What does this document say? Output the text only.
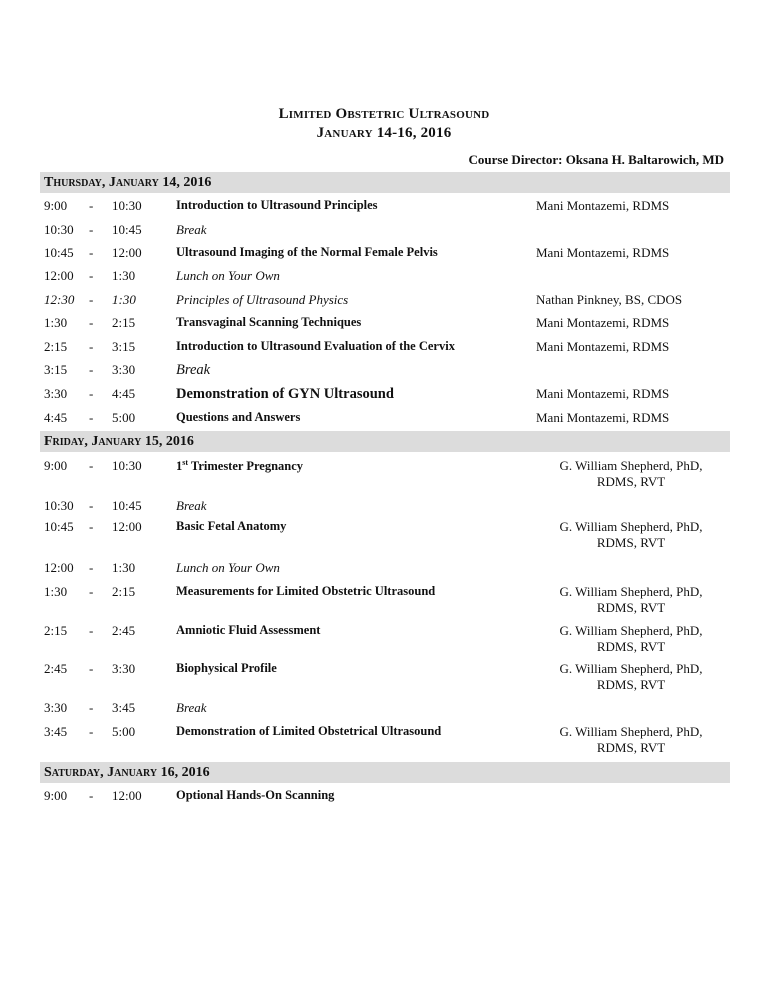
Limited Obstetric Ultrasound
January 14-16, 2016
Course Director: Oksana H. Baltarowich, MD
Thursday, January 14, 2016
9:00 - 10:30	Introduction to Ultrasound Principles	Mani Montazemi, RDMS
10:30 - 10:45	Break
10:45 - 12:00	Ultrasound Imaging of the Normal Female Pelvis	Mani Montazemi, RDMS
12:00 - 1:30	Lunch on Your Own
12:30 - 1:30	Principles of Ultrasound Physics	Nathan Pinkney, BS, CDOS
1:30 - 2:15	Transvaginal Scanning Techniques	Mani Montazemi, RDMS
2:15 - 3:15	Introduction to Ultrasound Evaluation of the Cervix	Mani Montazemi, RDMS
3:15 - 3:30	Break
3:30 - 4:45	Demonstration of GYN Ultrasound	Mani Montazemi, RDMS
4:45 - 5:00	Questions and Answers	Mani Montazemi, RDMS
Friday, January 15, 2016
9:00 - 10:30	1st Trimester Pregnancy	G. William Shepherd, PhD,
RDMS, RVT
10:30 - 10:45	Break
10:45 - 12:00	Basic Fetal Anatomy	G. William Shepherd, PhD,
RDMS, RVT
12:00 - 1:30	Lunch on Your Own
1:30 - 2:15	Measurements for Limited Obstetric Ultrasound	G. William Shepherd, PhD,
RDMS, RVT
2:15 - 2:45	Amniotic Fluid Assessment	G. William Shepherd, PhD,
RDMS, RVT
2:45 - 3:30	Biophysical Profile	G. William Shepherd, PhD,
RDMS, RVT
3:30 - 3:45	Break
3:45 - 5:00	Demonstration of Limited Obstetrical Ultrasound	G. William Shepherd, PhD,
RDMS, RVT
Saturday, January 16, 2016
9:00 - 12:00	Optional Hands-On Scanning
